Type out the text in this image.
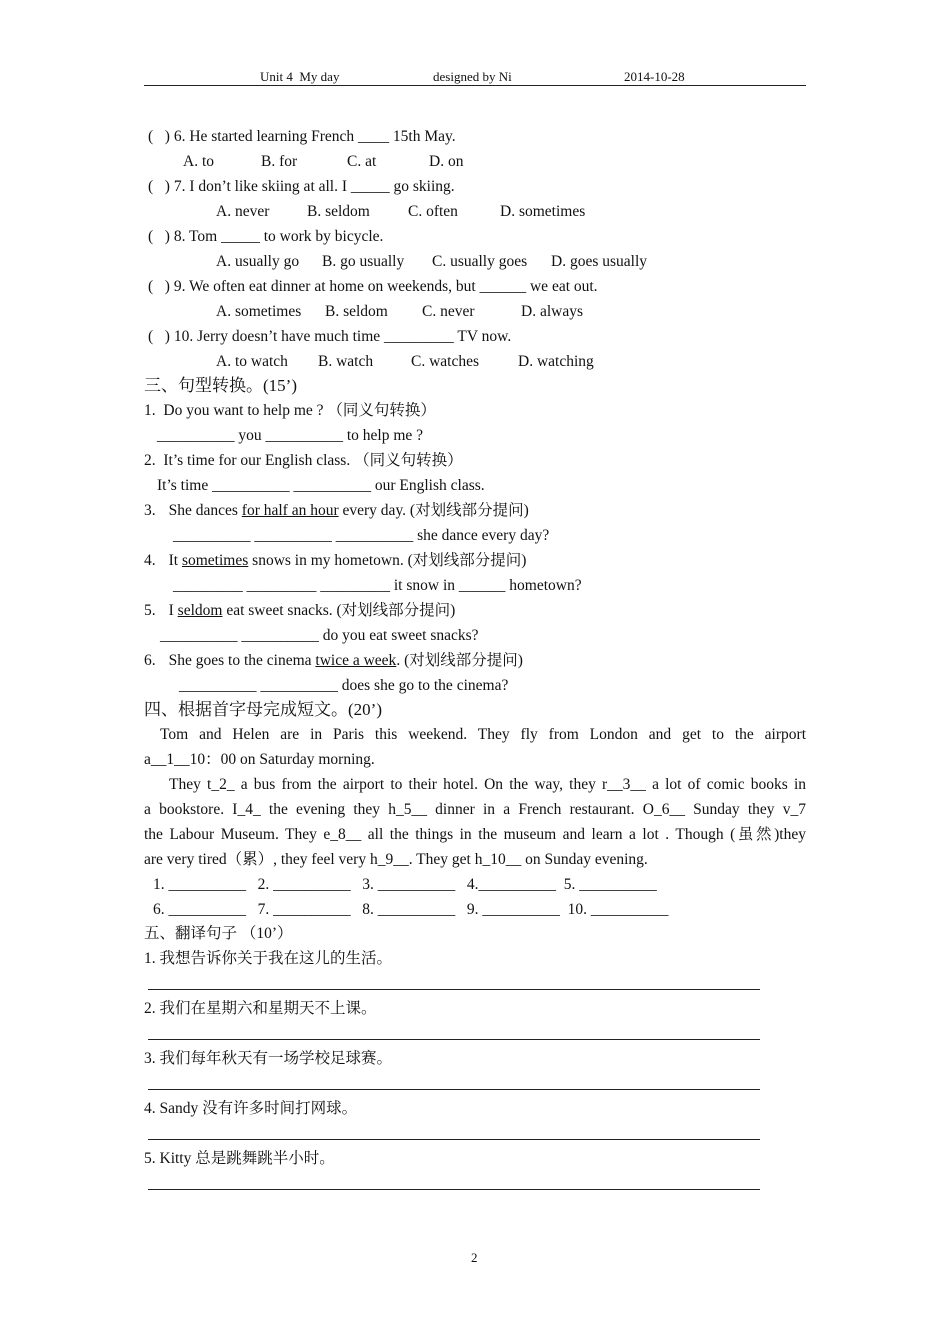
Unit 4  My day	designed by Ni	2014-10-28
(   ) 6. He started learning French ____ 15th May.
A. to	B. for	C. at	D. on
(   ) 7. I don’t like skiing at all. I _____ go skiing.
A. never B. seldom C. often	D. sometimes
(   ) 8. Tom _____ to work by bicycle.
A. usually go B. go usually C. usually goes D. goes usually
(   ) 9. We often eat dinner at home on weekends, but ______ we eat out.
A. sometimes B. seldom C. never	D. always
(   ) 10. Jerry doesn’t have much time _________ TV now.
A. to watch B. watch C. watches	D. watching
三、句型转换。(15’)
1.  Do you want to help me ? （同义句转换）
__________ you __________ to help me ?
2.  It’s time for our English class. （同义句转换）
It’s time __________ __________ our English class.
3. She dances for half an hour every day. (对划线部分提问)
__________ __________ __________ she dance every day?
4. It sometimes snows in my hometown. (对划线部分提问)
_________ _________ _________ it snow in ______ hometown?
5. I seldom eat sweet snacks. (对划线部分提问)
__________ __________ do you eat sweet snacks?
6. She goes to the cinema twice a week. (对划线部分提问)
__________ __________ does she go to the cinema?
四、根据首字母完成短文。(20’)
Tom and Helen are in Paris this weekend. They fly from London and get to the airport
a__1__10：00 on Saturday morning.
They t_2_ a bus from the airport to their hotel. On the way, they r__3__ a lot of comic books in
a bookstore. I_4_ the evening they h_5__ dinner in a French restaurant. O_6__ Sunday they v_7
the Labour Museum. They e_8__ all the things in the museum and learn a lot . Though (虽然)they
are very tired（累）, they feel very h_9__. They get h_10__ on Sunday evening.
1. __________   2. __________   3. __________   4.__________  5. __________
6. __________   7. __________   8. __________   9. __________  10. __________
五、翻译句子 （10’）
1. 我想告诉你关于我在这儿的生活。
2. 我们在星期六和星期天不上课。
3. 我们每年秋天有一场学校足球赛。
4. Sandy 没有许多时间打网球。
5. Kitty 总是跳舞跳半小时。
2
